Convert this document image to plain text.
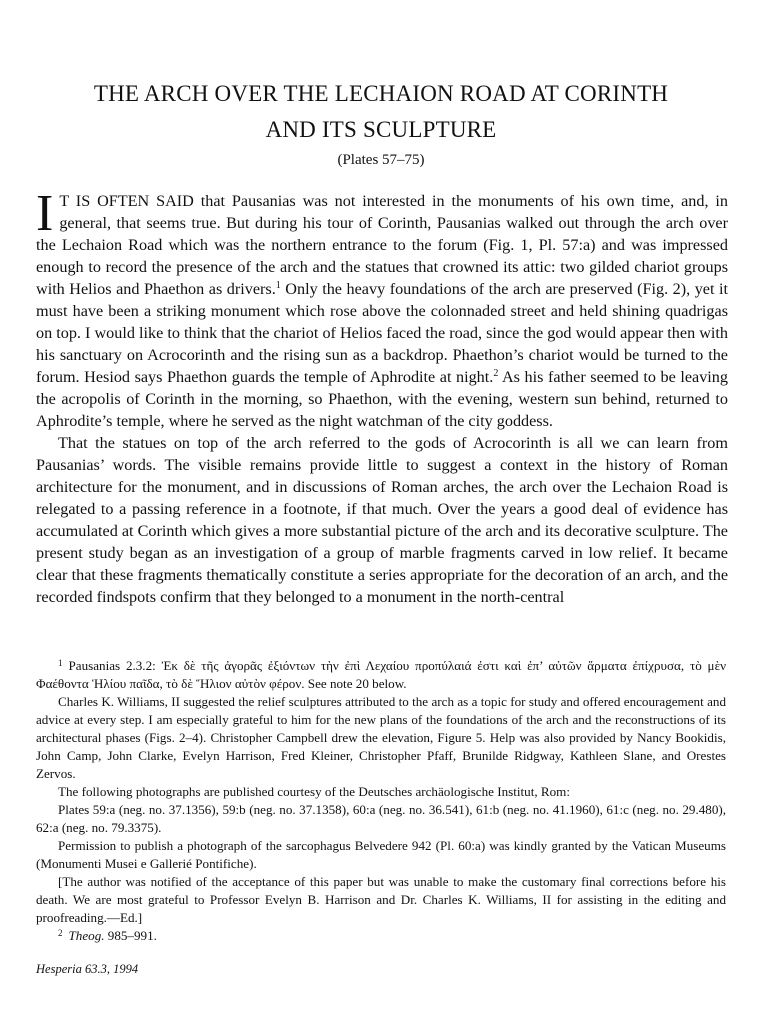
THE ARCH OVER THE LECHAION ROAD AT CORINTH
AND ITS SCULPTURE
(Plates 57–75)

I T IS OFTEN SAID that Pausanias was not interested in the monuments of his own time, and, in general, that seems true. But during his tour of Corinth, Pausanias walked out through the arch over the Lechaion Road which was the northern entrance to the forum (Fig. 1, Pl. 57:a) and was impressed enough to record the presence of the arch and the statues that crowned its attic: two gilded chariot groups with Helios and Phaethon as drivers.$^1$ Only the heavy foundations of the arch are preserved (Fig. 2), yet it must have been a striking monument which rose above the colonnaded street and held shining quadrigas on top. I would like to think that the chariot of Helios faced the road, since the god would appear then with his sanctuary on Acrocorinth and the rising sun as a backdrop. Phaethon’s chariot would be turned to the forum. Hesiod says Phaethon guards the temple of Aphrodite at night.$^2$ As his father seemed to be leaving the acropolis of Corinth in the morning, so Phaethon, with the evening, western sun behind, returned to Aphrodite’s temple, where he served as the night watchman of the city goddess.

That the statues on top of the arch referred to the gods of Acrocorinth is all we can learn from Pausanias’ words. The visible remains provide little to suggest a context in the history of Roman architecture for the monument, and in discussions of Roman arches, the arch over the Lechaion Road is relegated to a passing reference in a footnote, if that much. Over the years a good deal of evidence has accumulated at Corinth which gives a more substantial picture of the arch and its decorative sculpture. The present study began as an investigation of a group of marble fragments carved in low relief. It became clear that these fragments thematically constitute a series appropriate for the decoration of an arch, and the recorded findspots confirm that they belonged to a monument in the north-central

$^1$ Pausanias 2.3.2: Ἐκ δὲ τῆς ἀγορᾶς ἐξιόντων τὴν ἐπὶ Λεχαίου προπύλαιά ἐστι καὶ ἐπ’ αὐτῶν ἅρματα ἐπίχρυσα, τὸ μὲν Φαέθοντα Ἡλίου παῖδα, τὸ δὲ Ἥλιον αὐτὸν φέρον. See note 20 below.

Charles K. Williams, II suggested the relief sculptures attributed to the arch as a topic for study and offered encouragement and advice at every step. I am especially grateful to him for the new plans of the foundations of the arch and the reconstructions of its architectural phases (Figs. 2–4). Christopher Campbell drew the elevation, Figure 5. Help was also provided by Nancy Bookidis, John Camp, John Clarke, Evelyn Harrison, Fred Kleiner, Christopher Pfaff, Brunilde Ridgway, Kathleen Slane, and Orestes Zervos.

The following photographs are published courtesy of the Deutsches archäologische Institut, Rom:

Plates 59:a (neg. no. 37.1356), 59:b (neg. no. 37.1358), 60:a (neg. no. 36.541), 61:b (neg. no. 41.1960), 61:c (neg. no. 29.480), 62:a (neg. no. 79.3375).

Permission to publish a photograph of the sarcophagus Belvedere 942 (Pl. 60:a) was kindly granted by the Vatican Museums (Monumenti Musei e Gallerié Pontifiche).

[The author was notified of the acceptance of this paper but was unable to make the customary final corrections before his death. We are most grateful to Professor Evelyn B. Harrison and Dr. Charles K. Williams, II for assisting in the editing and proofreading.—Ed.]

$^2$ Theog. 985–991.

Hesperia 63.3, 1994
